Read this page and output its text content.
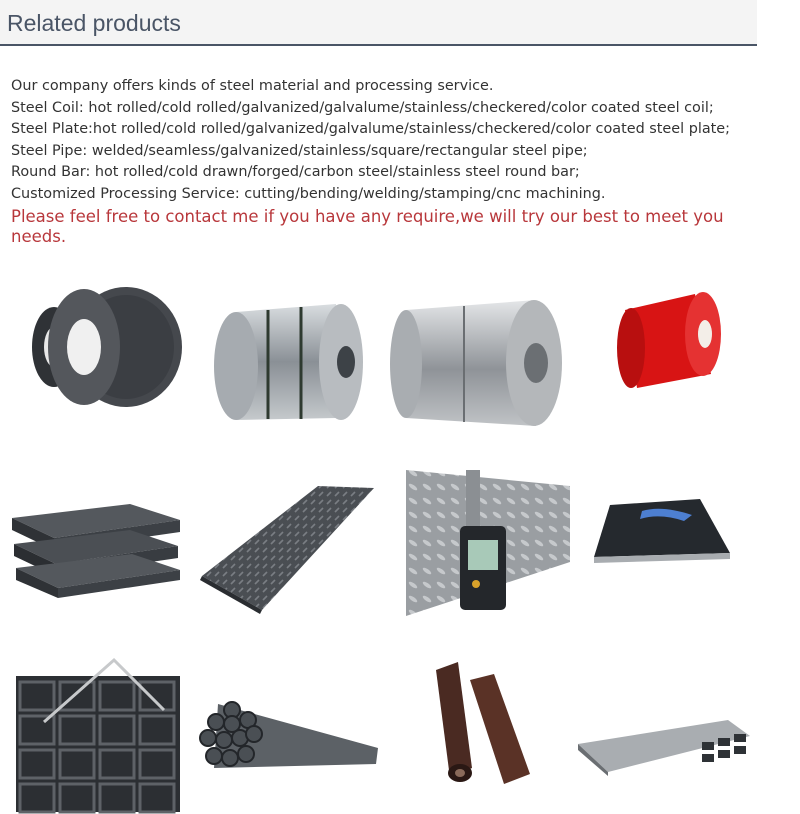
Related products
Our company offers kinds of steel material and processing service.
Steel Coil: hot rolled/cold rolled/galvanized/galvalume/stainless/checkered/color coated steel coil;
Steel Plate:hot rolled/cold rolled/galvanized/galvalume/stainless/checkered/color coated steel plate;
Steel Pipe: welded/seamless/galvanized/stainless/square/rectangular steel pipe;
Round Bar: hot rolled/cold drawn/forged/carbon steel/stainless steel round bar;
Customized Processing Service: cutting/bending/welding/stamping/cnc machining.
Please feel free to contact me if you have any require,we will try our best to meet you needs.
